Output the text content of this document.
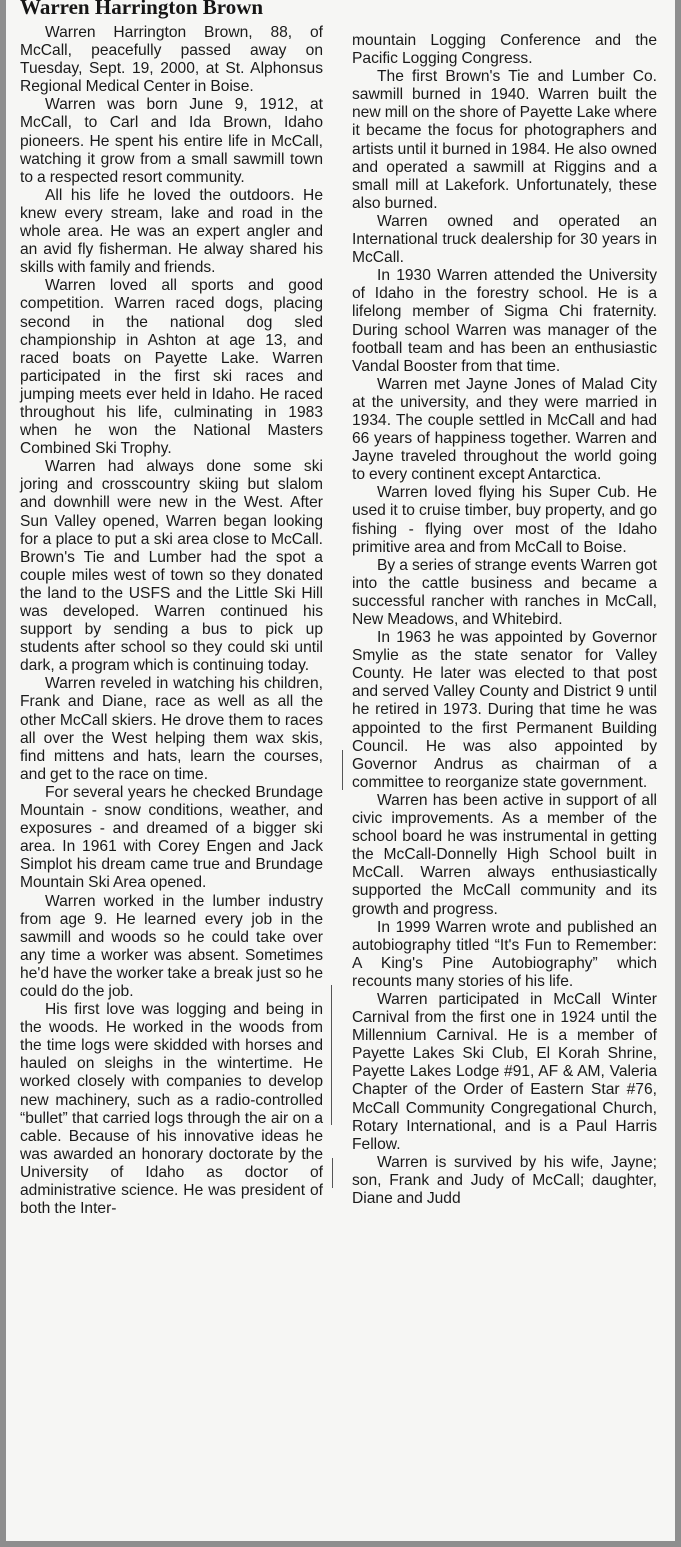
Warren Harrington Brown

Warren Harrington Brown, 88, of McCall, peacefully passed away on Tuesday, Sept. 19, 2000, at St. Alphonsus Regional Medical Center in Boise.

Warren was born June 9, 1912, at McCall, to Carl and Ida Brown, Idaho pioneers. He spent his entire life in McCall, watching it grow from a small sawmill town to a respected resort community.

All his life he loved the outdoors. He knew every stream, lake and road in the whole area. He was an expert angler and an avid fly fisherman. He alway shared his skills with family and friends.

Warren loved all sports and good competition. Warren raced dogs, placing second in the national dog sled championship in Ashton at age 13, and raced boats on Payette Lake. Warren participated in the first ski races and jumping meets ever held in Idaho. He raced throughout his life, culminating in 1983 when he won the National Masters Combined Ski Trophy.

Warren had always done some ski joring and crosscountry skiing but slalom and downhill were new in the West. After Sun Valley opened, Warren began looking for a place to put a ski area close to McCall. Brown's Tie and Lumber had the spot a couple miles west of town so they donated the land to the USFS and the Little Ski Hill was developed. Warren continued his support by sending a bus to pick up students after school so they could ski until dark, a program which is continuing today.

Warren reveled in watching his children, Frank and Diane, race as well as all the other McCall skiers. He drove them to races all over the West helping them wax skis, find mittens and hats, learn the courses, and get to the race on time.

For several years he checked Brundage Mountain - snow conditions, weather, and exposures - and dreamed of a bigger ski area. In 1961 with Corey Engen and Jack Simplot his dream came true and Brundage Mountain Ski Area opened.

Warren worked in the lumber industry from age 9. He learned every job in the sawmill and woods so he could take over any time a worker was absent. Sometimes he'd have the worker take a break just so he could do the job.

His first love was logging and being in the woods. He worked in the woods from the time logs were skidded with horses and hauled on sleighs in the wintertime. He worked closely with companies to develop new machinery, such as a radio-controlled “bullet” that carried logs through the air on a cable. Because of his innovative ideas he was awarded an honorary doctorate by the University of Idaho as doctor of administrative science. He was president of both the Inter-

mountain Logging Conference and the Pacific Logging Congress.

The first Brown's Tie and Lumber Co. sawmill burned in 1940. Warren built the new mill on the shore of Payette Lake where it became the focus for photographers and artists until it burned in 1984. He also owned and operated a sawmill at Riggins and a small mill at Lakefork. Unfortunately, these also burned.

Warren owned and operated an International truck dealership for 30 years in McCall.

In 1930 Warren attended the University of Idaho in the forestry school. He is a lifelong member of Sigma Chi fraternity. During school Warren was manager of the football team and has been an enthusiastic Vandal Booster from that time.

Warren met Jayne Jones of Malad City at the university, and they were married in 1934. The couple settled in McCall and had 66 years of happiness together. Warren and Jayne traveled throughout the world going to every continent except Antarctica.

Warren loved flying his Super Cub. He used it to cruise timber, buy property, and go fishing - flying over most of the Idaho primitive area and from McCall to Boise.

By a series of strange events Warren got into the cattle business and became a successful rancher with ranches in McCall, New Meadows, and Whitebird.

In 1963 he was appointed by Governor Smylie as the state senator for Valley County. He later was elected to that post and served Valley County and District 9 until he retired in 1973. During that time he was appointed to the first Permanent Building Council. He was also appointed by Governor Andrus as chairman of a committee to reorganize state government.

Warren has been active in support of all civic improvements. As a member of the school board he was instrumental in getting the McCall-Donnelly High School built in McCall. Warren always enthusiastically supported the McCall community and its growth and progress.

In 1999 Warren wrote and published an autobiography titled “It's Fun to Remember: A King's Pine Autobiography” which recounts many stories of his life.

Warren participated in McCall Winter Carnival from the first one in 1924 until the Millennium Carnival. He is a member of Payette Lakes Ski Club, El Korah Shrine, Payette Lakes Lodge #91, AF & AM, Valeria Chapter of the Order of Eastern Star #76, McCall Community Congregational Church, Rotary International, and is a Paul Harris Fellow.

Warren is survived by his wife, Jayne; son, Frank and Judy of McCall; daughter, Diane and Judd
